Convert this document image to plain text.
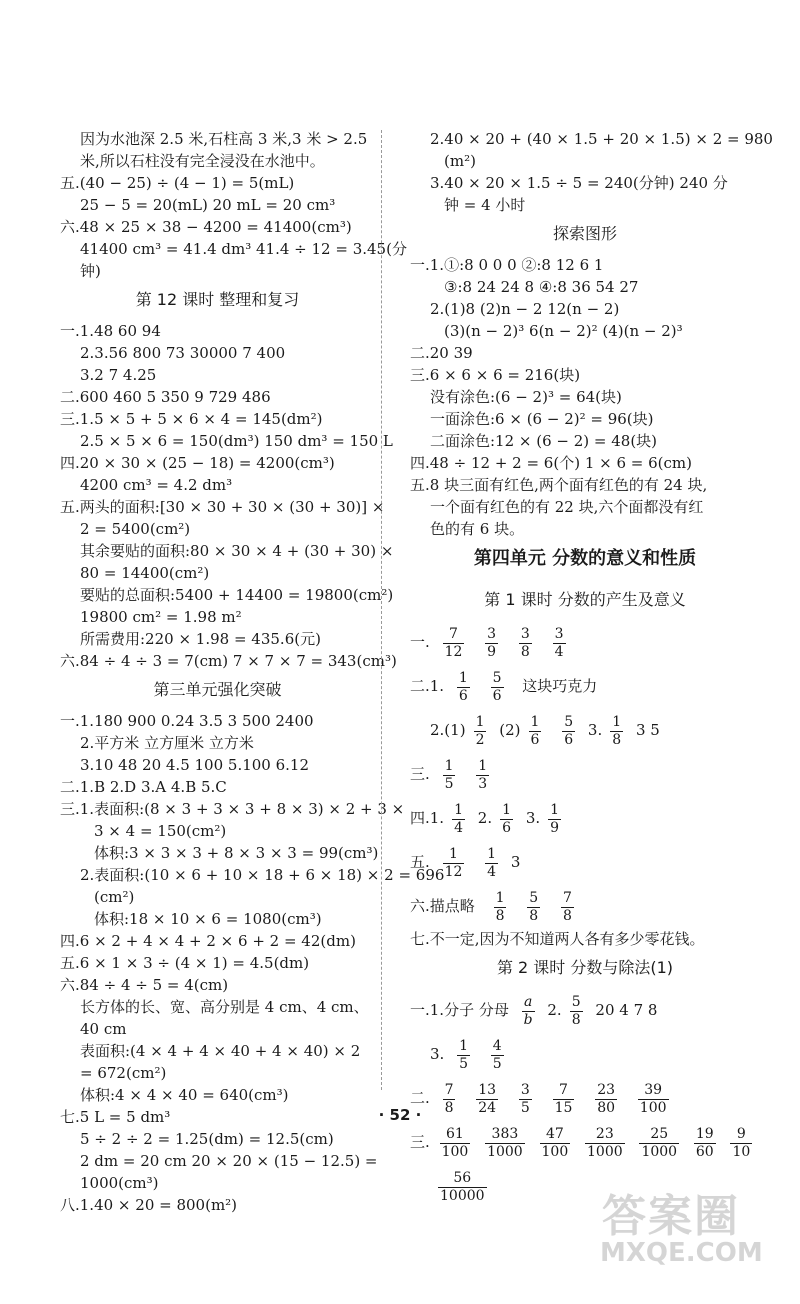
因为水池深 2.5 米,石柱高 3 米,3 米 > 2.5
米,所以石柱没有完全浸没在水池中。
五.(40 − 25) ÷ (4 − 1) = 5(mL)
25 − 5 = 20(mL) 20 mL = 20 cm³
六.48 × 25 × 38 − 4200 = 41400(cm³)
41400 cm³ = 41.4 dm³ 41.4 ÷ 12 = 3.45(分
钟)
第 12 课时 整理和复习
一.1.48 60 94
2.3.56 800 73 30000 7 400
3.2 7 4.25
二.600 460 5 350 9 729 486
三.1.5 × 5 + 5 × 6 × 4 = 145(dm²)
2.5 × 5 × 6 = 150(dm³) 150 dm³ = 150 L
四.20 × 30 × (25 − 18) = 4200(cm³)
4200 cm³ = 4.2 dm³
五.两头的面积:[30 × 30 + 30 × (30 + 30)] ×
2 = 5400(cm²)
其余要贴的面积:80 × 30 × 4 + (30 + 30) ×
80 = 14400(cm²)
要贴的总面积:5400 + 14400 = 19800(cm²)
19800 cm² = 1.98 m²
所需费用:220 × 1.98 = 435.6(元)
六.84 ÷ 4 ÷ 3 = 7(cm) 7 × 7 × 7 = 343(cm³)
第三单元强化突破
一.1.180 900 0.24 3.5 3 500 2400
2.平方米 立方厘米 立方米
3.10 48 20 4.5 100 5.100 6.12
二.1.B 2.D 3.A 4.B 5.C
三.1.表面积:(8 × 3 + 3 × 3 + 8 × 3) × 2 + 3 ×
3 × 4 = 150(cm²)
体积:3 × 3 × 3 + 8 × 3 × 3 = 99(cm³)
2.表面积:(10 × 6 + 10 × 18 + 6 × 18) × 2 = 696
(cm²)
体积:18 × 10 × 6 = 1080(cm³)
四.6 × 2 + 4 × 4 + 2 × 6 + 2 = 42(dm)
五.6 × 1 × 3 ÷ (4 × 1) = 4.5(dm)
六.84 ÷ 4 ÷ 5 = 4(cm)
长方体的长、宽、高分别是 4 cm、4 cm、
40 cm
表面积:(4 × 4 + 4 × 40 + 4 × 40) × 2
= 672(cm²)
体积:4 × 4 × 40 = 640(cm³)
七.5 L = 5 dm³
5 ÷ 2 ÷ 2 = 1.25(dm) = 12.5(cm)
2 dm = 20 cm 20 × 20 × (15 − 12.5) =
1000(cm³)
八.1.40 × 20 = 800(m²)
2.40 × 20 + (40 × 1.5 + 20 × 1.5) × 2 = 980
(m²)
3.40 × 20 × 1.5 ÷ 5 = 240(分钟) 240 分
钟 = 4 小时
探索图形
一.1.①:8 0 0 0 ②:8 12 6 1
③:8 24 24 8 ④:8 36 54 27
2.(1)8 (2)n − 2 12(n − 2)
(3)(n − 2)³ 6(n − 2)² (4)(n − 2)³
二.20 39
三.6 × 6 × 6 = 216(块)
没有涂色:(6 − 2)³ = 64(块)
一面涂色:6 × (6 − 2)² = 96(块)
二面涂色:12 × (6 − 2) = 48(块)
四.48 ÷ 12 + 2 = 6(个) 1 × 6 = 6(cm)
五.8 块三面有红色,两个面有红色的有 24 块,
一个面有红色的有 22 块,六个面都没有红
色的有 6 块。
第四单元 分数的意义和性质
第 1 课时 分数的产生及意义
一. $\frac{7}{12}$
$\frac{3}{9}$
$\frac{3}{8}$
$\frac{3}{4}$
二.1. $\frac{1}{6}$
$\frac{5}{6}$ 这块巧克力
$2.(1) \frac{1}{2} (2) \frac{1}{6}$
$\frac{5}{6} 3$. $\frac{1}{8} 3$ 5
三. $\frac{1}{5}$
$\frac{1}{3}$
四.1. $\frac{1}{4} 2$. $\frac{1}{6} 3$. $\frac{1}{9}$
五. $\frac{1}{12}$
$\frac{1}{4} 3$
六.描点略 $\frac{1}{8}$
$\frac{5}{8}$
$\frac{7}{8}$
七.不一定,因为不知道两人各有多少零花钱。
第 2 课时 分数与除法(1)
一.1.分子 分母 $\frac{a}{b} 2$. $\frac{5}{8} 20$ 4 7 8
3. $\frac{1}{5}$
$\frac{4}{5}$
二. $\frac{7}{8}$
$\frac{13}{24}$
$\frac{3}{5}$
$\frac{7}{15}$
$\frac{23}{80}$
$\frac{39}{100}$
三. $\frac{61}{100}$
$\frac{383}{1000}$
$\frac{47}{100}$
$\frac{23}{1000}$
$\frac{25}{1000}$
$\frac{19}{60}$
$\frac{9}{10}$
$\frac{56}{10000}$
· 52 ·
答案圈
MXQE.COM
